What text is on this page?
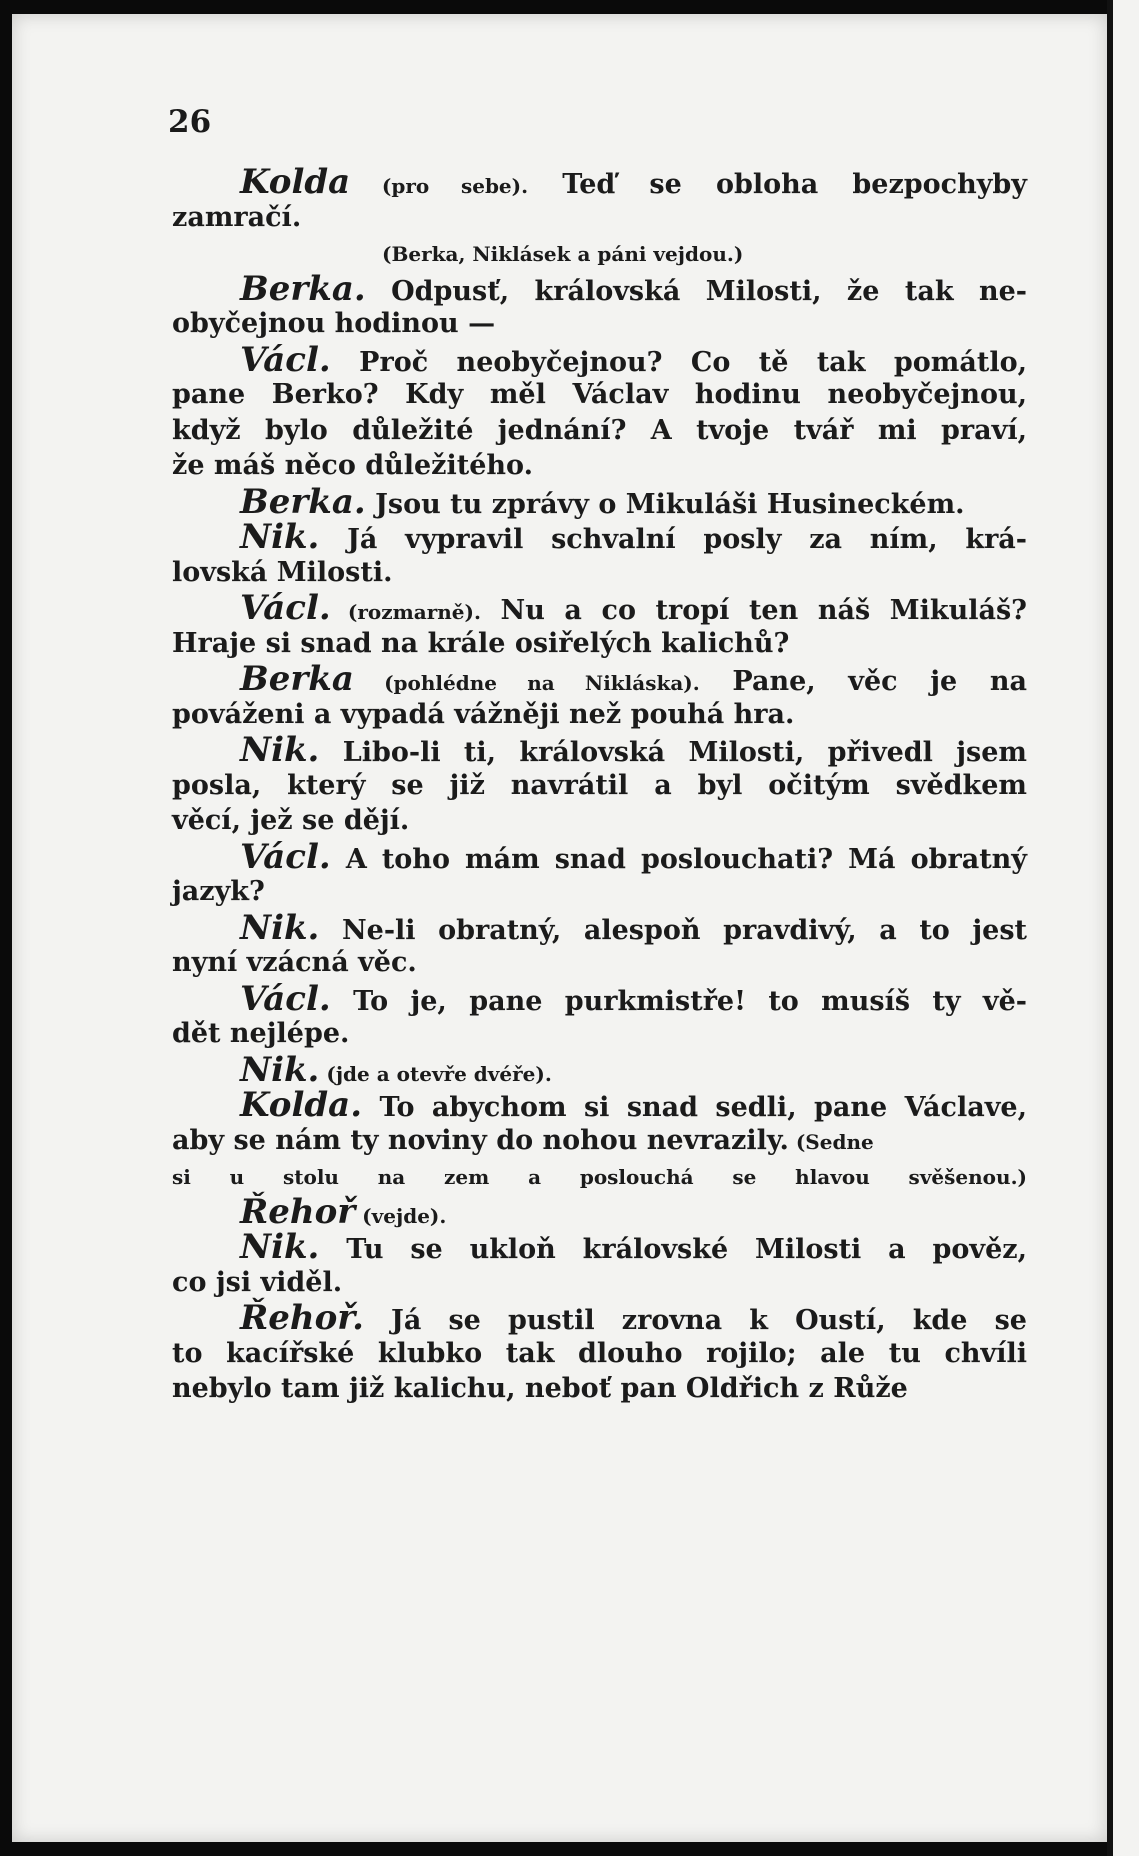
26
Kolda (pro sebe). Teď se obloha bezpochyby
zamračí.
(Berka, Niklásek a páni vejdou.)
Berka. Odpusť, královská Milosti, že tak ne-
obyčejnou hodinou —
Václ. Proč neobyčejnou? Co tě tak pomátlo,
pane Berko? Kdy měl Václav hodinu neobyčejnou,
když bylo důležité jednání? A tvoje tvář mi praví,
že máš něco důležitého.
Berka. Jsou tu zprávy o Mikuláši Husineckém.
Nik. Já vypravil schvalní posly za ním, krá-
lovská Milosti.
Václ. (rozmarně). Nu a co tropí ten náš Mikuláš?
Hraje si snad na krále osiřelých kalichů?
Berka (pohlédne na Nikláska). Pane, věc je na
pováženi a vypadá vážněji než pouhá hra.
Nik. Libo-li ti, královská Milosti, přivedl jsem
posla, který se již navrátil a byl očitým svědkem
věcí, jež se dějí.
Václ. A toho mám snad poslouchati? Má obratný
jazyk?
Nik. Ne-li obratný, alespoň pravdivý, a to jest
nyní vzácná věc.
Václ. To je, pane purkmistře! to musíš ty vě-
dět nejlépe.
Nik. (jde a otevře dvéře).
Kolda. To abychom si snad sedli, pane Václave,
aby se nám ty noviny do nohou nevrazily. (Sedne
si u stolu na zem a poslouchá se hlavou svěšenou.)
Řehoř (vejde).
Nik. Tu se ukloň královské Milosti a pověz,
co jsi viděl.
Řehoř. Já se pustil zrovna k Oustí, kde se
to kacířské klubko tak dlouho rojilo; ale tu chvíli
nebylo tam již kalichu, neboť pan Oldřich z Růže
